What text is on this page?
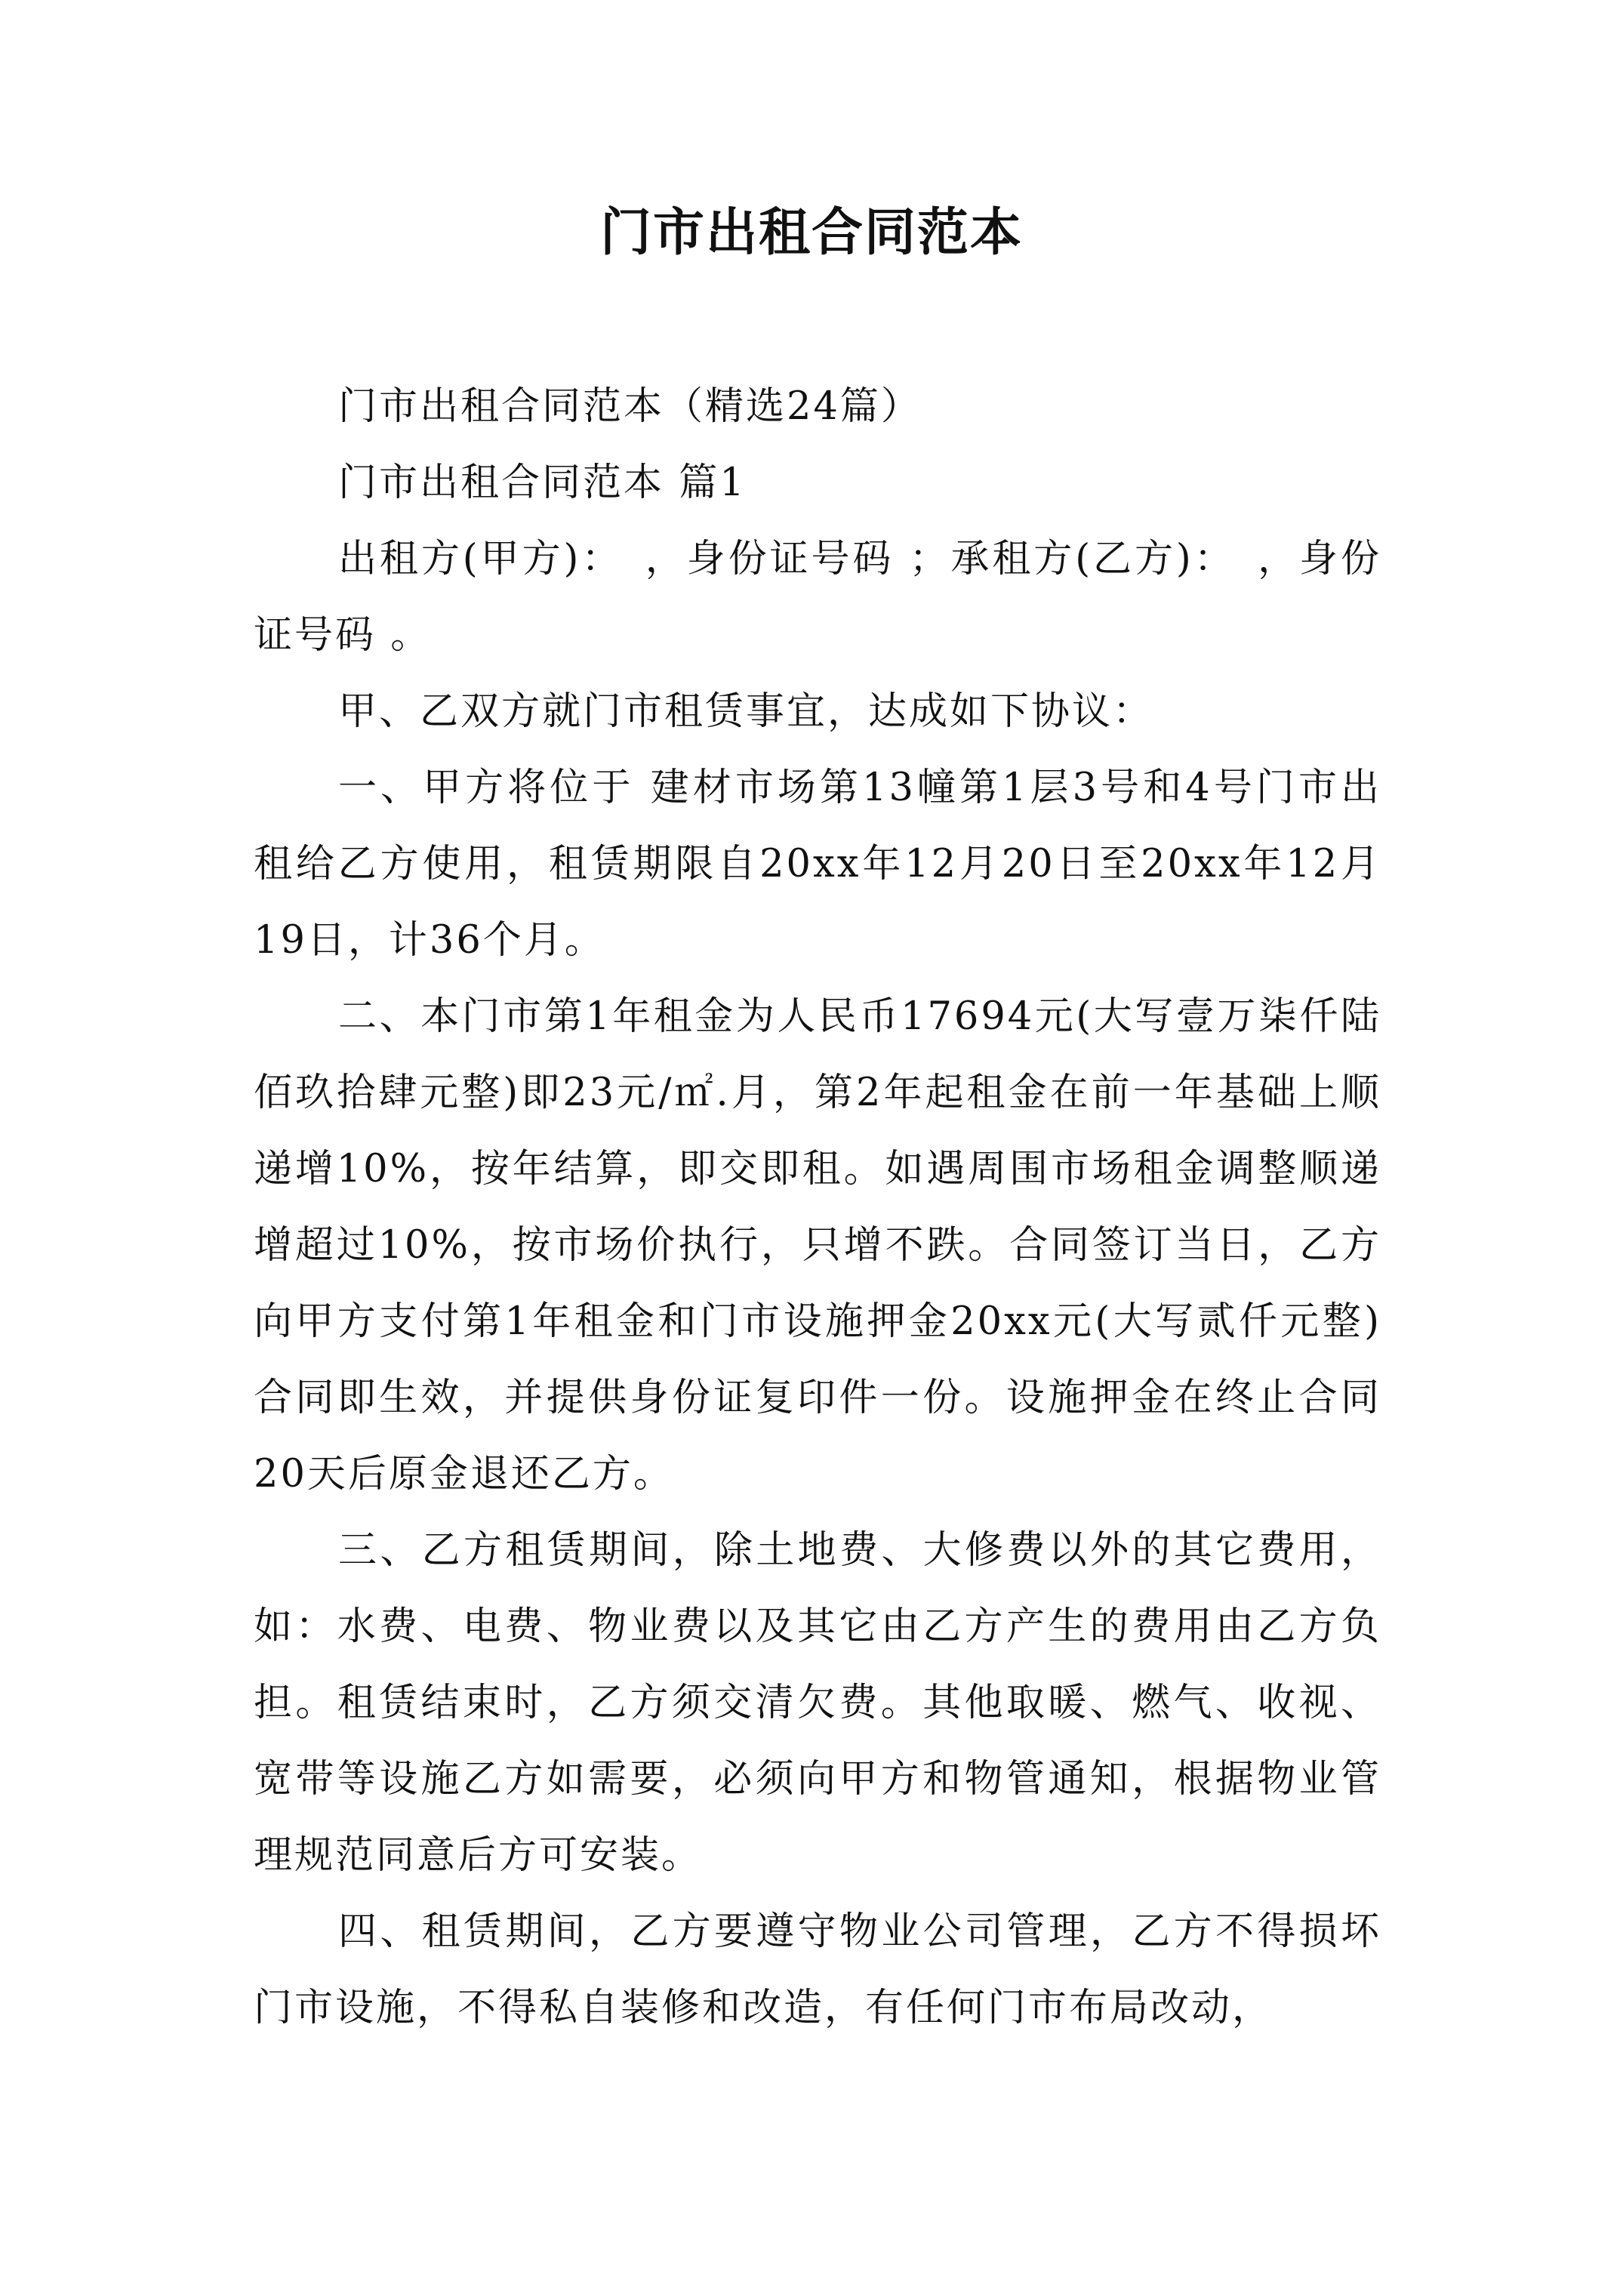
门市出租合同范本

门市出租合同范本（精选24篇）

门市出租合同范本 篇1

出租方(甲方)：　，身份证号码 ；承租方(乙方)：　，身份证号码 。

甲、乙双方就门市租赁事宜，达成如下协议：

一、甲方将位于 建材市场第13幢第1层3号和4号门市出租给乙方使用，租赁期限自20xx年12月20日至20xx年12月19日，计36个月。

二、本门市第1年租金为人民币17694元(大写壹万柒仟陆佰玖拾肆元整)即23元/㎡.月，第2年起租金在前一年基础上顺递增10%，按年结算，即交即租。如遇周围市场租金调整顺递增超过10%，按市场价执行，只增不跌。合同签订当日，乙方向甲方支付第1年租金和门市设施押金20xx元(大写贰仟元整)合同即生效，并提供身份证复印件一份。设施押金在终止合同20天后原金退还乙方。

三、乙方租赁期间，除土地费、大修费以外的其它费用，如：水费、电费、物业费以及其它由乙方产生的费用由乙方负担。租赁结束时，乙方须交清欠费。其他取暖、燃气、收视、宽带等设施乙方如需要，必须向甲方和物管通知，根据物业管理规范同意后方可安装。

四、租赁期间，乙方要遵守物业公司管理，乙方不得损坏门市设施，不得私自装修和改造，有任何门市布局改动，
